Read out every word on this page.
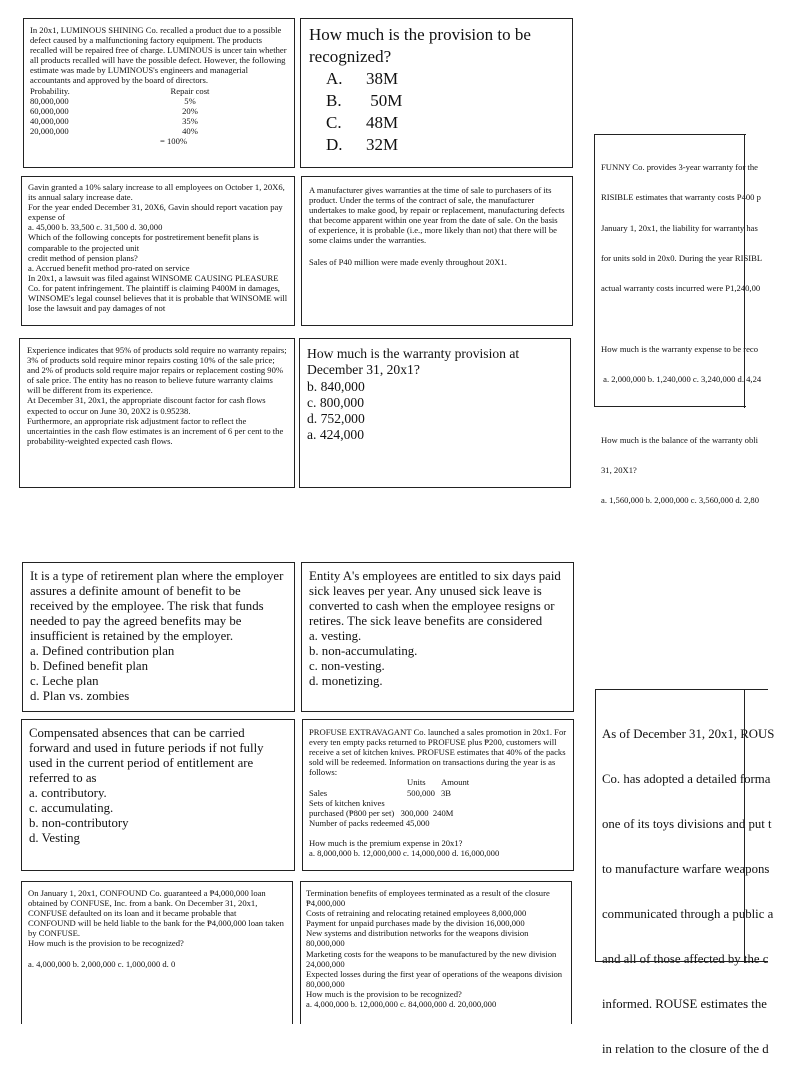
In 20x1, LUMINOUS SHINING Co. recalled a product due to a possible defect caused by a malfunctioning factory equipment. The products recalled will be repaired free of charge. LUMINOUS is uncer tain whether all products recalled will have the possible defect. However, the following estimate was made by LUMINOUS's engineers and managerial accountants and approved by the board of directors.

Probability.	Repair cost
80,000,000	5%
60,000,000	20%
40,000,000	35%
20,000,000	40%
= 100%

How much is the provision to be recognized?

A.	38M
B.	50M
C.	48M
D.	32M

FUNNY Co. provides 3-year warranty for the

RISIBLE estimates that warranty costs P400 p

January 1, 20x1, the liability for warranty has

for units sold in 20x0. During the year RISIBL

actual warranty costs incurred were P1,240,00

How much is the warranty expense to be reco

a. 2,000,000 b. 1,240,000 c. 3,240,000 d. 4,24

How much is the balance of the warranty obli

31, 20X1?

a. 1,560,000 b. 2,000,000 c. 3,560,000 d. 2,80

Gavin granted a 10% salary increase to all employees on October 1, 20X6, its annual salary increase date.
For the year ended December 31, 20X6, Gavin should report vacation pay expense of
a. 45,000 b. 33,500 c. 31,500 d. 30,000
Which of the following concepts for postretirement benefit plans is comparable to the projected unit
credit method of pension plans?
a. Accrued benefit method pro-rated on service
In 20x1, a lawsuit was filed against WINSOME CAUSING PLEASURE Co. for patent infringement. The plaintiff is claiming P400M in damages, WINSOME's legal counsel believes that it is probable that WINSOME will lose the lawsuit and pay damages of not

A manufacturer gives warranties at the time of sale to purchasers of its product. Under the terms of the contract of sale, the manufacturer undertakes to make good, by repair or replacement, manufacturing defects that become apparent within one year from the date of sale. On the basis of experience, it is probable (i.e., more likely than not) that there will be some claims under the warranties.

Sales of P40 million were made evenly throughout 20X1.

Experience indicates that 95% of products sold require no warranty repairs; 3% of products sold require minor repairs costing 10% of the sale price; and 2% of products sold require major repairs or replacement costing 90% of sale price. The entity has no reason to believe future warranty claims will be different from its experience.
At December 31, 20x1, the appropriate discount factor for cash flows expected to occur on June 30, 20X2 is 0.95238.
Furthermore, an appropriate risk adjustment factor to reflect the uncertainties in the cash flow estimates is an increment of 6 per cent to the probability-weighted expected cash flows.

How much is the warranty provision at December 31, 20x1?

b. 840,000
c. 800,000
d. 752,000
a. 424,000

It is a type of retirement plan where the employer assures a definite amount of benefit to be received by the employee. The risk that funds needed to pay the agreed benefits may be insufficient is retained by the employer.

a. Defined contribution plan
b. Defined benefit plan
c. Leche plan
d. Plan vs. zombies

Entity A's employees are entitled to six days paid sick leaves per year. Any unused sick leave is converted to cash when the employee resigns or retires. The sick leave benefits are considered

a. vesting.
b. non-accumulating.
c. non-vesting.
d. monetizing.

As of December 31, 20x1, ROUS

Co. has adopted a detailed forma

one of its toys divisions and put t

to manufacture warfare weapons

communicated through a public a

and all of those affected by the c

informed. ROUSE estimates the

in relation to the closure of the d

Compensated absences that can be carried forward and used in future periods if not fully used in the current period of entitlement are referred to as

a. contributory.
c. accumulating.
b. non-contributory
d. Vesting

PROFUSE EXTRAVAGANT Co. launched a sales promotion in 20x1. For every ten empty packs returned to PROFUSE plus ₱200, customers will receive a set of kitchen knives. PROFUSE estimates that 40% of the packs sold will be redeemed. Information on transactions during the year is as follows:

Units	Amount
Sales	500,000 3B
Sets of kitchen knives
purchased (₱800 per set)   300,000  240M
Number of packs redeemed 45,000
How much is the premium expense in 20x1?
a. 8,000,000 b. 12,000,000 c. 14,000,000 d. 16,000,000

On January 1, 20x1, CONFOUND Co. guaranteed a ₱4,000,000 loan obtained by CONFUSE, Inc. from a bank. On December 31, 20x1, CONFUSE defaulted on its loan and it became probable that CONFOUND will be held liable to the bank for the ₱4,000,000 loan taken by CONFUSE.
How much is the provision to be recognized?

a. 4,000,000 b. 2,000,000 c. 1,000,000 d. 0

Termination benefits of employees terminated as a result of the closure ₱4,000,000
Costs of retraining and relocating retained employees 8,000,000
Payment for unpaid purchases made by the division 16,000,000
New systems and distribution networks for the weapons division 80,000,000
Marketing costs for the weapons to be manufactured by the new division 24,000,000
Expected losses during the first year of operations of the weapons division 80,000,000
How much is the provision to be recognized?
a. 4,000,000 b. 12,000,000 c. 84,000,000 d. 20,000,000
